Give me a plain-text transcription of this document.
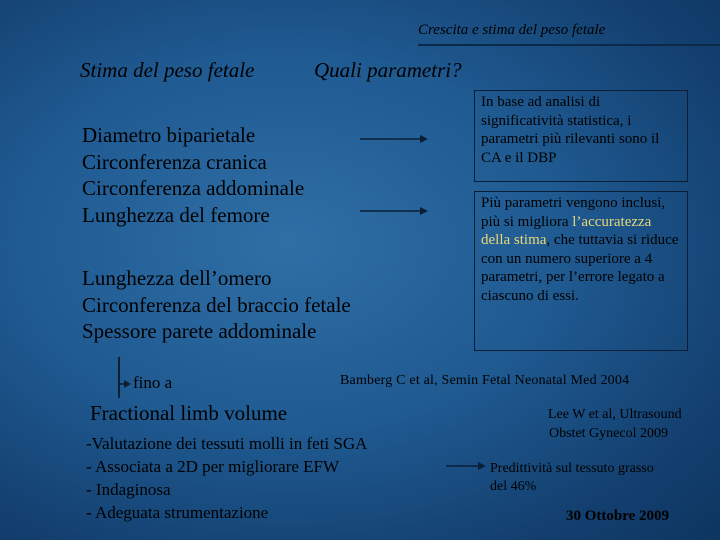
Crescita e stima del peso fetale
Stima del peso fetale	Quali parametri?
Diametro biparietale
Circonferenza cranica
Circonferenza addominale
Lunghezza del femore
Lunghezza dell’omero
Circonferenza del braccio fetale
Spessore parete addominale
In base ad analisi di significatività statistica, i parametri più rilevanti sono il CA e il DBP
Più parametri vengono inclusi, più si migliora l’accuratezza della stima, che tuttavia si riduce con un numero superiore a 4 parametri, per l’errore legato a ciascuno di essi.
fino a	Bamberg C et al, Semin Fetal Neonatal Med 2004
Fractional limb volume	Lee W et al, Ultrasound
Obstet Gynecol 2009
-Valutazione dei tessuti molli in feti SGA
- Associata a 2D per migliorare EFW
- Indaginosa
- Adeguata strumentazione
Predittività sul tessuto grasso
del 46%
30 Ottobre 2009
